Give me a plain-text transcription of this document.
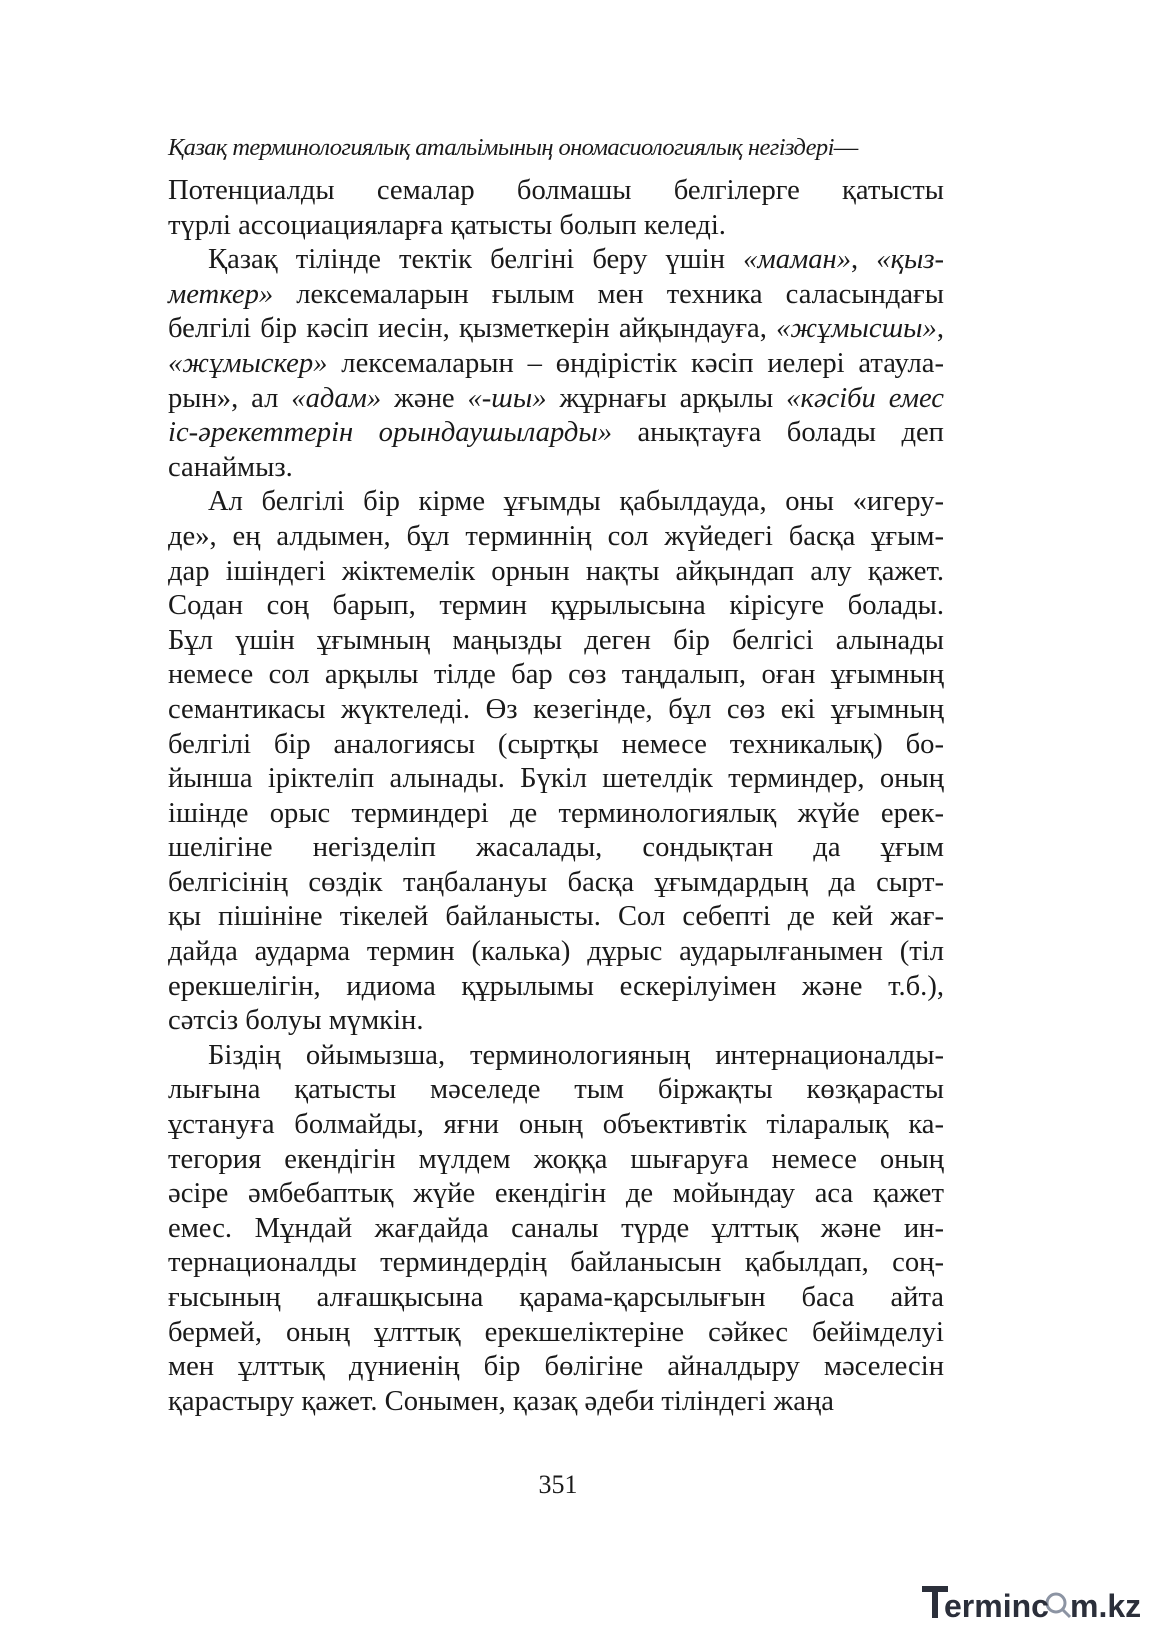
Қазақ терминологиялық атальімының ономасиологиялық негіздері—

Потенциалды семалар болмашы белгілерге қатысты
түрлі ассоциацияларға қатысты болып келеді.

Қазақ тілінде тектік белгіні беру үшін «маман», «қыз-
меткер» лексемаларын ғылым мен техника саласындағы
белгілі бір кәсіп иесін, қызметкерін айқындауға, «жұмысшы»,
«жұмыскер» лексемаларын – өндірістік кәсіп иелері атаула-
рын», ал «адам» және «-шы» жұрнағы арқылы «кәсіби емес
іс-әрекеттерін орындаушыларды» анықтауға болады деп
санаймыз.

Ал белгілі бір кірме ұғымды қабылдауда, оны «игеру-
де», ең алдымен, бұл терминнің сол жүйедегі басқа ұғым-
дар ішіндегі жіктемелік орнын нақты айқындап алу қажет.
Содан соң барып, термин құрылысына кірісуге болады.
Бұл үшін ұғымның маңызды деген бір белгісі алынады
немесе сол арқылы тілде бар сөз таңдалып, оған ұғымның
семантикасы жүктеледі. Өз кезегінде, бұл сөз екі ұғымның
белгілі бір аналогиясы (сыртқы немесе техникалық) бо-
йынша іріктеліп алынады. Бүкіл шетелдік терминдер, оның
ішінде орыс терминдері де терминологиялық жүйе ерек-
шелігіне негізделіп жасалады, сондықтан да ұғым
белгісінің сөздік таңбалануы басқа ұғымдардың да сырт-
қы пішініне тікелей байланысты. Сол себепті де кей жағ-
дайда аударма термин (калька) дұрыс аударылғанымен (тіл
ерекшелігін, идиома құрылымы ескерілуімен және т.б.),
сәтсіз болуы мүмкін.

Біздің ойымызша, терминологияның интернационалды-
лығына қатысты мәселеде тым біржақты көзқарасты
ұстануға болмайды, яғни оның объективтік тіларалық ка-
тегория екендігін мүлдем жоққа шығаруға немесе оның
әсіре әмбебаптық жүйе екендігін де мойындау аса қажет
емес. Мұндай жағдайда саналы түрде ұлттық және ин-
тернационалды терминдердің байланысын қабылдап, соң-
ғысының алғашқысына қарама-қарсылығын баса айта
бермей, оның ұлттық ерекшеліктеріне сәйкес бейімделуі
мен ұлттық дүниенің бір бөлігіне айналдыру мәселесін
қарастыру қажет. Сонымен, қазақ әдеби тіліндегі жаңа

351
erminc m.kz
